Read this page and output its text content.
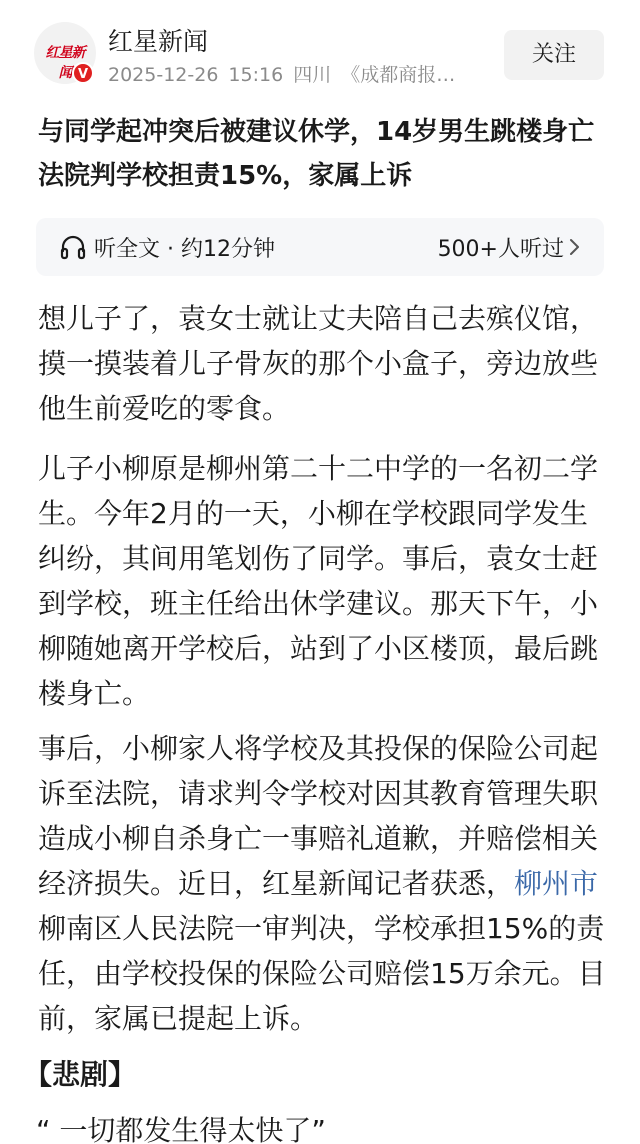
红星新闻 V
红星新闻
2025-12-26 15:16 四川 《成都商报…
关注
与同学起冲突后被建议休学，14岁男生跳楼身亡 法院判学校担责15%，家属上诉
听全文 · 约12分钟	500+人听过
想儿子了，袁女士就让丈夫陪自己去殡仪馆，摸一摸装着儿子骨灰的那个小盒子，旁边放些他生前爱吃的零食。
儿子小柳原是柳州第二十二中学的一名初二学生。今年2月的一天，小柳在学校跟同学发生纠纷，其间用笔划伤了同学。事后，袁女士赶到学校，班主任给出休学建议。那天下午，小柳随她离开学校后，站到了小区楼顶，最后跳楼身亡。
事后，小柳家人将学校及其投保的保险公司起诉至法院，请求判令学校对因其教育管理失职造成小柳自杀身亡一事赔礼道歉，并赔偿相关经济损失。近日，红星新闻记者获悉，柳州市柳南区人民法院一审判决，学校承担15%的责任，由学校投保的保险公司赔偿15万余元。目前，家属已提起上诉。
【悲剧】
“ 一切都发生得太快了”
